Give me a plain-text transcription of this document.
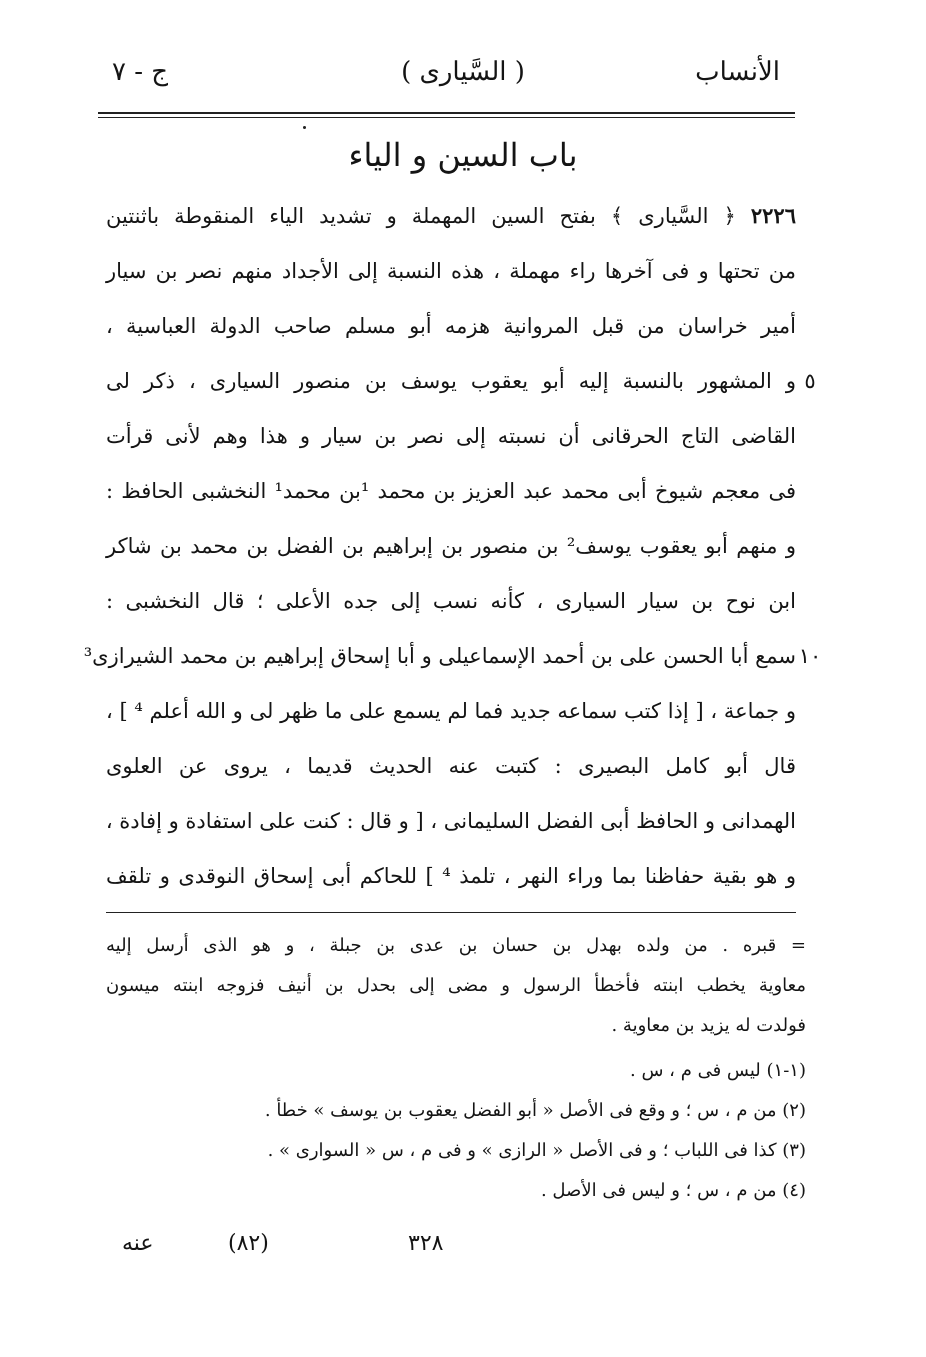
الأنساب
( السَّيارى )
ج - ٧
باب السين و الياء
٢٢٢٦ ﴿ السَّيارى ﴾ بفتح السين المهملة و تشديد الياء المنقوطة باثنتين
من تحتها و فى آخرها راء مهملة ، هذه النسبة إلى الأجداد منهم نصر بن سيار
أمير خراسان من قبل المروانية هزمه أبو مسلم صاحب الدولة العباسية ،
و المشهور بالنسبة إليه أبو يعقوب يوسف بن منصور السيارى ، ذكر لى
القاضى التاج الحرقانى أن نسبته إلى نصر بن سيار و هذا وهم لأنى قرأت
فى معجم شيوخ أبى محمد عبد العزيز بن محمد ¹بن محمد¹ النخشبى الحافظ :
و منهم أبو يعقوب يوسف² بن منصور بن إبراهيم بن الفضل بن محمد بن شاكر
ابن نوح بن سيار السيارى ، كأنه نسب إلى جده الأعلى ؛ قال النخشبى :
سمع أبا الحسن على بن أحمد الإسماعيلى و أبا إسحاق إبراهيم بن محمد الشيرازى³
و جماعة ، [ إذا كتب سماعه جديد فما لم يسمع على ما ظهر لى و الله أعلم ⁴ ] ،
قال أبو كامل البصيرى : كتبت عنه الحديث قديما ، يروى عن العلوى
الهمدانى و الحافظ أبى الفضل السليمانى ، [ و قال : كنت على استفادة و إفادة ،
و هو بقية حفاظنا بما وراء النهر ، تلمذ ⁴ ] للحاكم أبى إسحاق النوقدى و تلقف
٥
١٠
= قبره . من ولده بهدل بن حسان بن عدى بن جبلة ، و هو الذى أرسل إليه
معاوية يخطب ابنته فأخطأ الرسول و مضى إلى بحدل بن أنيف فزوجه ابنته ميسون
فولدت له يزيد بن معاوية .
(١-١) ليس فى م ، س .
(٢) من م ، س ؛ و وقع فى الأصل « أبو الفضل يعقوب بن يوسف » خطأ .
(٣) كذا فى اللباب ؛ و فى الأصل « الرازى » و فى م ، س « السوارى » .
(٤) من م ، س ؛ و ليس فى الأصل .
٣٢٨
(٨٢)
عنه
